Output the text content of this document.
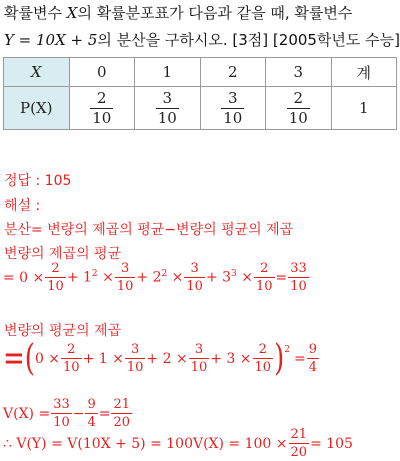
확률변수 X의 확률분포표가 다음과 같을 때, 확률변수
Y = 10X + 5의 분산을 구하시오. [3점] [2005학년도 수능]
X	0	1	2	3	계
P(X)	$\frac{2}{10}$	$\frac{3}{10}$	$\frac{3}{10}$	$\frac{2}{10}$	1
정답 : 105
해설 :
분산= 변량의 제곱의 평균−변량의 평균의 제곱
변량의 제곱의 평균
= $0 \times \frac{2}{10} + 1^2 \times \frac{3}{10} + 2^2 \times \frac{3}{10} + 3^3 \times \frac{2}{10} = \frac{33}{10}$
변량의 평균의 제곱
=( $0 \times \frac{2}{10} + 1 \times \frac{3}{10} + 2 \times \frac{3}{10} + 3 \times \frac{2}{10} )^2$
= $\frac{9}{4}$
$V(X) = \frac{33}{10} - \frac{9}{4} = \frac{21}{20}$
∴ $V(Y) = V(10X + 5) = 100V(X) = 100 \times \frac{21}{20} = 105$
